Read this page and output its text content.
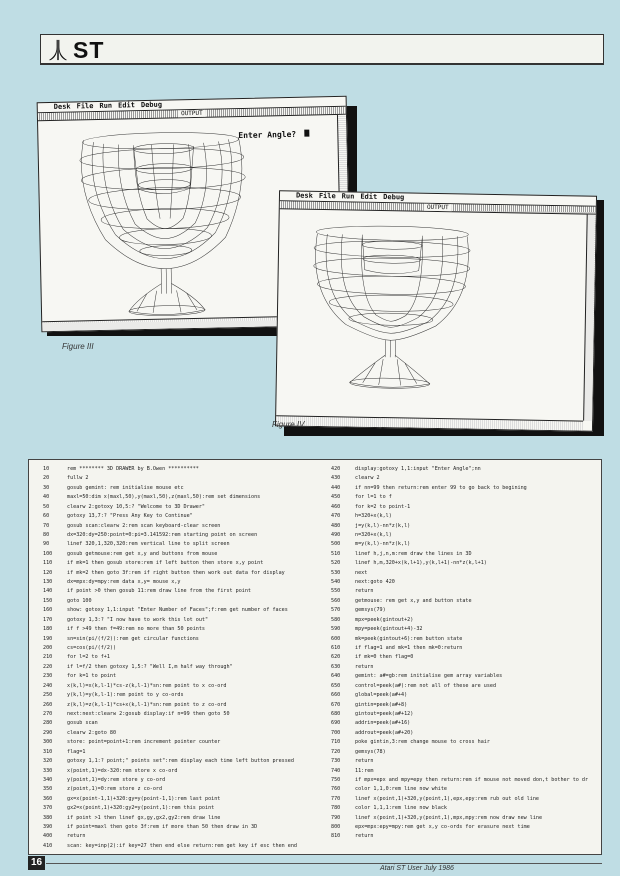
ST
Desk File Run Edit Debug
OUTPUT
Enter Angle?
Figure III
Desk File Run Edit Debug
OUTPUT
Figure IV
10	rem ******** 3D DRAWER by B.Owen **********
20	fullw 2
30	gosub gemint: rem initialise mouse etc
40	maxl=50:dim x(maxl,50),y(maxl,50),z(maxl,50):rem set dimensions
50	clearw 2:gotoxy 10,5:? "Welcome to 3D Drawer"
60	gotoxy 13,7:? "Press Any Key to Continue"
70	gosub scan:clearw 2:rem scan keyboard-clear screen
80	dx=320:dy=250:point=0:pi=3.141592:rem starting point on screen
90	linef 320,1,320,320:rem vertical line to split screen
100	gosub getmouse:rem get x,y and buttons from mouse
110	if mk=1 then gosub store:rem if left button then store x,y point
120	if mk=2 then goto 3f:rem if right button then work out data for display
130	dx=mpx:dy=mpy:rem data x,y= mouse x,y
140	if point >0 then gosub 11:rem draw line from the first point
150	goto 100
160	show: gotoxy 1,1:input "Enter Number of Faces";f:rem get number of faces
170	gotoxy 1,3:? "I now have to work this lot out"
180	if f >49 then f=49:rem no more than 50 points
190	sn=sin(pi/(f/2)):rem get circular functions
200	cs=cos(pi/(f/2))
210	for l=2 to f+1
220	if l=f/2 then gotoxy 1,5:? "Well I,m half way through"
230	for k=1 to point
240	x(k,l)=x(k,l-1)*cs-z(k,l-1)*sn:rem point to x co-ord
250	y(k,l)=y(k,l-1):rem point to y co-ords
260	z(k,l)=z(k,l-1)*cs+x(k,l-1)*sn:rem point to z co-ord
270	next:next:clearw 2:gosub display:if n=99 then goto 50
280	gosub scan
290	clearw 2:goto 80
300	store: point=point+1:rem increment pointer counter
310	flag=1
320	gotoxy 1,1:? point;" points set":rem display each time left button pressed
330	x(point,1)=dx-320:rem store x co-ord
340	y(point,1)=dy:rem store y co-ord
350	z(point,1)=0:rem store z co-ord
360	gx=x(point-1,1)+320:gy=y(point-1,1):rem last point
370	gx2=x(point,1)+320:gy2=y(point,1):rem this point
380	if point >1 then linef gx,gy,gx2,gy2:rem draw line
390	if point=maxl then goto 3f:rem if more than 50 then draw in 3D
400	return
410	scan: key=inp(2):if key=27 then end else return:rem get key if esc then end
420	display:gotoxy 1,1:input "Enter Angle";nn
430	clearw 2
440	if nn=99 then return:rem enter 99 to go back to begining
450	for l=1 to f
460	for k=2 to point-1
470	h=320+x(k,l)
480	j=y(k,l)-nn*z(k,l)
490	n=320+x(k,l)
500	m=y(k,l)-nn*z(k,l)
510	linef h,j,n,m:rem draw the lines in 3D
520	linef h,m,320+x(k,l+1),y(k,l+1)-nn*z(k,l+1)
530	next
540	next:goto 420
550	return
560	getmouse: rem get x,y and button state
570	gemsys(79)
580	mpx=peek(gintout+2)
590	mpy=peek(gintout+4)-32
600	mk=peek(gintout+6):rem button state
610	if flag=1 and mk=1 then mk=0:return
620	if mk=0 then flag=0
630	return
640	gemint: a#=gb:rem initialise gem array variables
650	control=peek(a#):rem not all of these are used
660	global=peek(a#+4)
670	gintin=peek(a#+8)
680	gintout=peek(a#+12)
690	addrin=peek(a#+16)
700	addrout=peek(a#+20)
710	poke gintin,3:rem change mouse to cross hair
720	gemsys(78)
730	return
740	11:rem
750	if mpx=epx and mpy=epy then return:rem if mouse not moved don,t bother to dr
760	color 1,1,0:rem line now white
770	linef x(point,1)+320,y(point,1),epx,epy:rem rub out old line
780	color 1,1,1:rem line now black
790	linef x(point,1)+320,y(point,1),mpx,mpy:rem now draw new line
800	epx=mpx:epy=mpy:rem get x,y co-ords for erasure next time
810	return
16
Atari ST User July 1986
